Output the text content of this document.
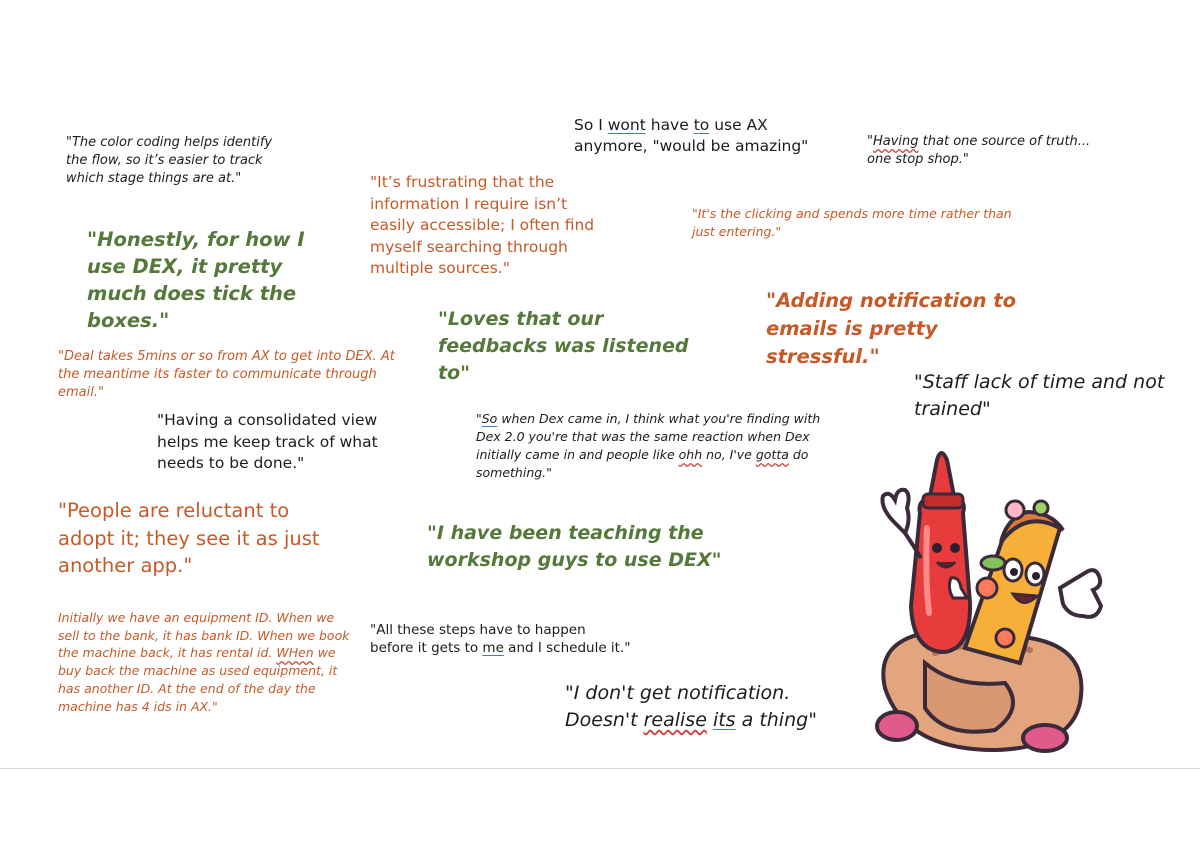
"The color coding helps identify the flow, so it’s easier to track which stage things are at."	"It’s frustrating that the information I require isn’t easily accessible; I often find myself searching through multiple sources."

So I wont have to use AX anymore, "would be amazing"	"Having that one source of truth... one stop shop."

"It's the clicking and spends more time rather than just entering."

"Honestly, for how I use DEX, it pretty much does tick the boxes."	"Loves that our feedbacks was listened to"

"Adding notification to emails is pretty stressful."

"Deal takes 5mins or so from AX to get into DEX. At the meantime its faster to communicate through email."	"Staff lack of time and not trained"

"Having a consolidated view helps me keep track of what needs to be done."

"So when Dex came in, I think what you're finding with Dex 2.0 you're that was the same reaction when Dex initially came in and people like ohh no, I've gotta do something."

"People are reluctant to adopt it; they see it as just another app."

"I have been teaching the workshop guys to use DEX"

Initially we have an equipment ID. When we sell to the bank, it has bank ID. When we book the machine back, it has rental id. WHen we buy back the machine as used equipment, it has another ID. At the end of the day the machine has 4 ids in AX."

"All these steps have to happen before it gets to me and I schedule it."

"I don't get notification. Doesn't realise its a thing"
